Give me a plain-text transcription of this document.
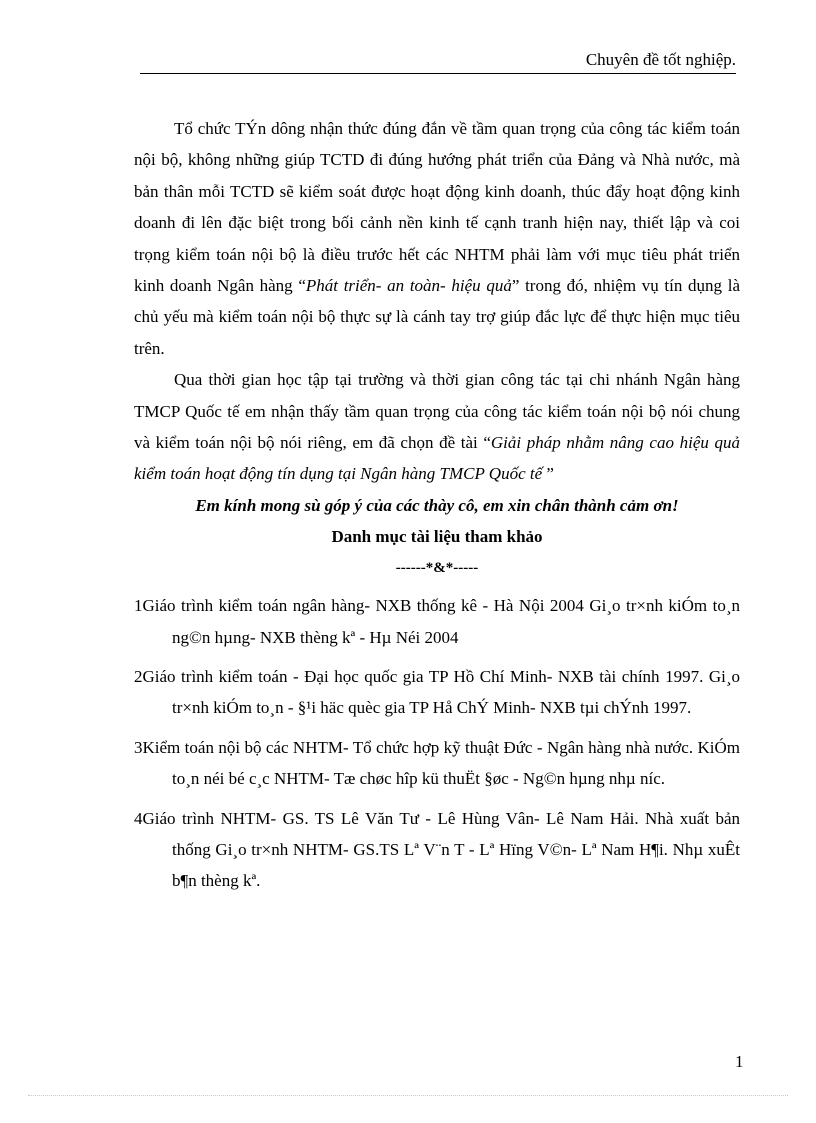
Chuyên đề tốt nghiệp.

Tổ chức TÝn dông nhận thức đúng đắn về tầm quan trọng của công tác kiểm toán nội bộ, không những giúp TCTD đi đúng hướng phát triển của Đảng và Nhà nước, mà bản thân mỗi TCTD sẽ kiểm soát được hoạt động kinh doanh, thúc đẩy hoạt động kinh doanh đi lên đặc biệt trong bối cảnh nền kinh tế cạnh tranh hiện nay, thiết lập và coi trọng kiểm toán nội bộ là điều trước hết các NHTM phải làm với mục tiêu phát triển kinh doanh Ngân hàng “Phát triển- an toàn- hiệu quả” trong đó, nhiệm vụ tín dụng là chủ yếu mà kiểm toán nội bộ thực sự là cánh tay trợ giúp đắc lực để thực hiện mục tiêu trên.

Qua thời gian học tập tại trường và thời gian công tác tại chi nhánh Ngân hàng TMCP Quốc tế em nhận thấy tầm quan trọng của công tác kiểm toán nội bộ nói chung và kiểm toán nội bộ nói riêng, em đã chọn đề tài “Giải pháp nhằm nâng cao hiệu quả kiểm toán hoạt động tín dụng tại Ngân hàng TMCP Quốc tế ”

Em kính mong sù góp ý của các thày cô, em xin chân thành cảm ơn!

Danh mục tài liệu tham khảo

------*&*-----

1Giáo trình kiểm toán ngân hàng- NXB thống kê - Hà Nội 2004 Gi¸o tr×nh kiÓm to¸n ng©n hµng- NXB thèng kª - Hµ Néi 2004
2Giáo trình kiểm toán - Đại học quốc gia TP Hồ Chí Minh- NXB tài chính 1997. Gi¸o tr×nh kiÓm to¸n - §¹i häc quèc gia TP Hå ChÝ Minh- NXB tµi chÝnh 1997.
3Kiểm toán nội bộ các NHTM- Tổ chức hợp kỹ thuật Đức - Ngân hàng nhà nước. KiÓm to¸n néi bé c¸c NHTM- Tæ chøc hîp kü thuËt §øc - Ng©n hµng nhµ níc.
4Giáo trình NHTM- GS. TS Lê Văn Tư - Lê Hùng Vân- Lê Nam Hải. Nhà xuất bản thống Gi¸o tr×nh NHTM- GS.TS Lª V¨n T - Lª Hïng V©n- Lª Nam H¶i. Nhµ xuÊt b¶n thèng kª.
1
